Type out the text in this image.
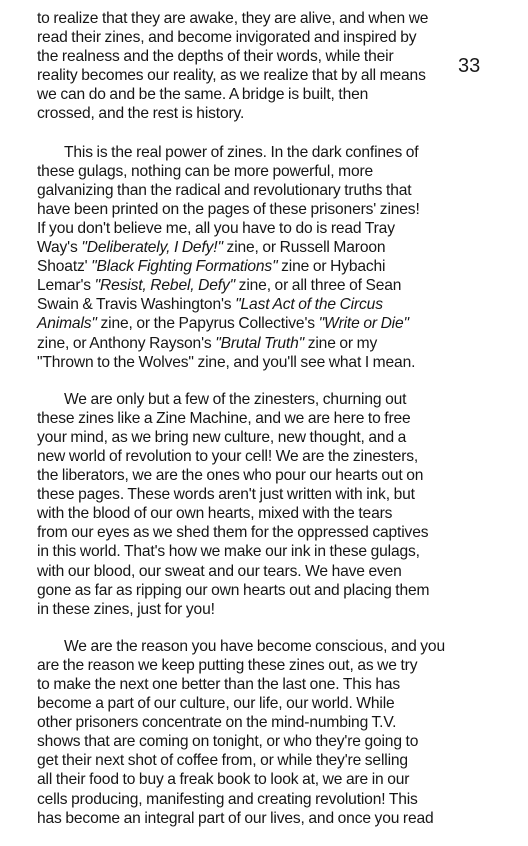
33
to realize that they are awake, they are alive, and when we
read their zines, and become invigorated and inspired by
the realness and the depths of their words, while their
reality becomes our reality, as we realize that by all means
we can do and be the same. A bridge is built, then
crossed, and the rest is history.
This is the real power of zines. In the dark confines of
these gulags, nothing can be more powerful, more
galvanizing than the radical and revolutionary truths that
have been printed on the pages of these prisoners' zines!
If you don't believe me, all you have to do is read Tray
Way's "Deliberately, I Defy!" zine, or Russell Maroon
Shoatz' "Black Fighting Formations" zine or Hybachi
Lemar's "Resist, Rebel, Defy" zine, or all three of Sean
Swain & Travis Washington's "Last Act of the Circus
Animals" zine, or the Papyrus Collective's "Write or Die"
zine, or Anthony Rayson's "Brutal Truth" zine or my
"Thrown to the Wolves" zine, and you'll see what I mean.
We are only but a few of the zinesters, churning out
these zines like a Zine Machine, and we are here to free
your mind, as we bring new culture, new thought, and a
new world of revolution to your cell! We are the zinesters,
the liberators, we are the ones who pour our hearts out on
these pages. These words aren't just written with ink, but
with the blood of our own hearts, mixed with the tears
from our eyes as we shed them for the oppressed captives
in this world. That's how we make our ink in these gulags,
with our blood, our sweat and our tears. We have even
gone as far as ripping our own hearts out and placing them
in these zines, just for you!
We are the reason you have become conscious, and you
are the reason we keep putting these zines out, as we try
to make the next one better than the last one. This has
become a part of our culture, our life, our world. While
other prisoners concentrate on the mind-numbing T.V.
shows that are coming on tonight, or who they're going to
get their next shot of coffee from, or while they're selling
all their food to buy a freak book to look at, we are in our
cells producing, manifesting and creating revolution! This
has become an integral part of our lives, and once you read
